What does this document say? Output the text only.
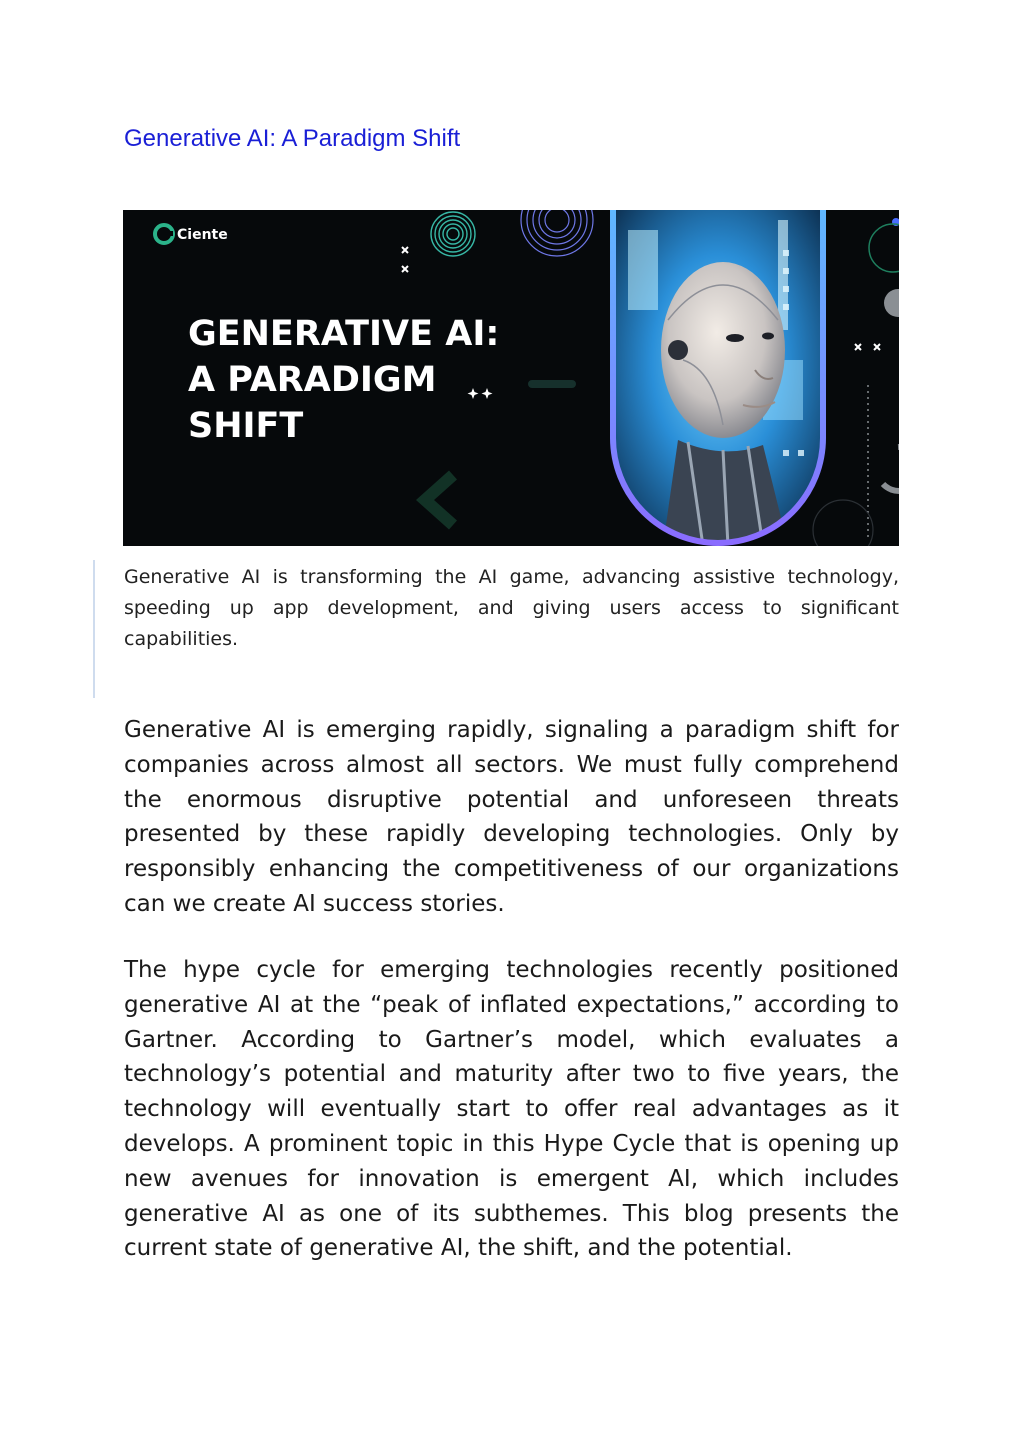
Generative AI: A Paradigm Shift
Ciente
GENERATIVE AI:
A PARADIGM
SHIFT

Generative AI is transforming the AI game, advancing assistive technology, speeding up app development, and giving users access to significant capabilities.

Generative AI is emerging rapidly, signaling a paradigm shift for companies across almost all sectors. We must fully comprehend the enormous disruptive potential and unforeseen threats presented by these rapidly developing technologies. Only by responsibly enhancing the competitiveness of our organizations can we create AI success stories.

The hype cycle for emerging technologies recently positioned generative AI at the “peak of inflated expectations,” according to Gartner. According to Gartner’s model, which evaluates a technology’s potential and maturity after two to five years, the technology will eventually start to offer real advantages as it develops. A prominent topic in this Hype Cycle that is opening up new avenues for innovation is emergent AI, which includes generative AI as one of its subthemes. This blog presents the current state of generative AI, the shift, and the potential.
